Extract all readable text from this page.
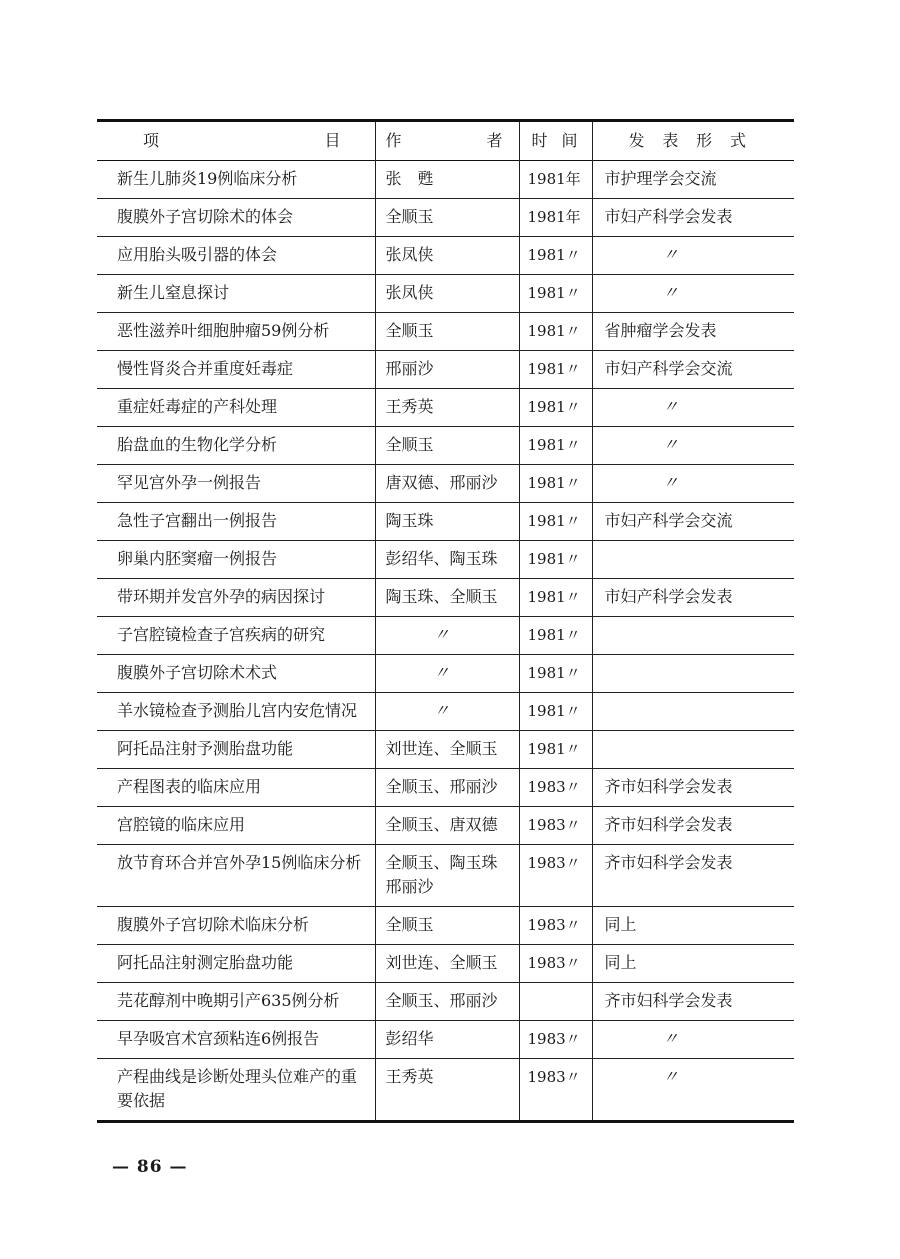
项 目	作 者	时 间	发 表 形 式

新生儿肺炎19例临床分析	张　甦	1981年	市护理学会交流
腹膜外子宫切除术的体会	全顺玉	1981年	市妇产科学会发表
应用胎头吸引器的体会	张凤侠	1981〃	〃
新生儿窒息探讨	张凤侠	1981〃	〃
恶性滋养叶细胞肿瘤59例分析	全顺玉	1981〃	省肿瘤学会发表
慢性肾炎合并重度妊毒症	邢丽沙	1981〃	市妇产科学会交流
重症妊毒症的产科处理	王秀英	1981〃	〃
胎盘血的生物化学分析	全顺玉	1981〃	〃
罕见宫外孕一例报告	唐双德、邢丽沙	1981〃	〃
急性子宫翻出一例报告	陶玉珠	1981〃	市妇产科学会交流
卵巢内胚窦瘤一例报告	彭绍华、陶玉珠	1981〃	
带环期并发宫外孕的病因探讨	陶玉珠、全顺玉	1981〃	市妇产科学会发表
子宫腔镜检查子宫疾病的研究	〃	1981〃	
腹膜外子宫切除术术式	〃	1981〃	
羊水镜检查予测胎儿宫内安危情况	〃	1981〃	
阿托品注射予测胎盘功能	刘世连、全顺玉	1981〃	
产程图表的临床应用	全顺玉、邢丽沙	1983〃	齐市妇科学会发表
宫腔镜的临床应用	全顺玉、唐双德	1983〃	齐市妇科学会发表
放节育环合并宫外孕15例临床分析	全顺玉、陶玉珠邢丽沙	1983〃	齐市妇科学会发表
腹膜外子宫切除术临床分析	全顺玉	1983〃	同上
阿托品注射测定胎盘功能	刘世连、全顺玉	1983〃	同上
芫花醇剂中晚期引产635例分析	全顺玉、邢丽沙		齐市妇科学会发表
早孕吸宫术宫颈粘连6例报告	彭绍华	1983〃	〃
产程曲线是诊断处理头位难产的重要依据	王秀英	1983〃	〃
— 86 —
